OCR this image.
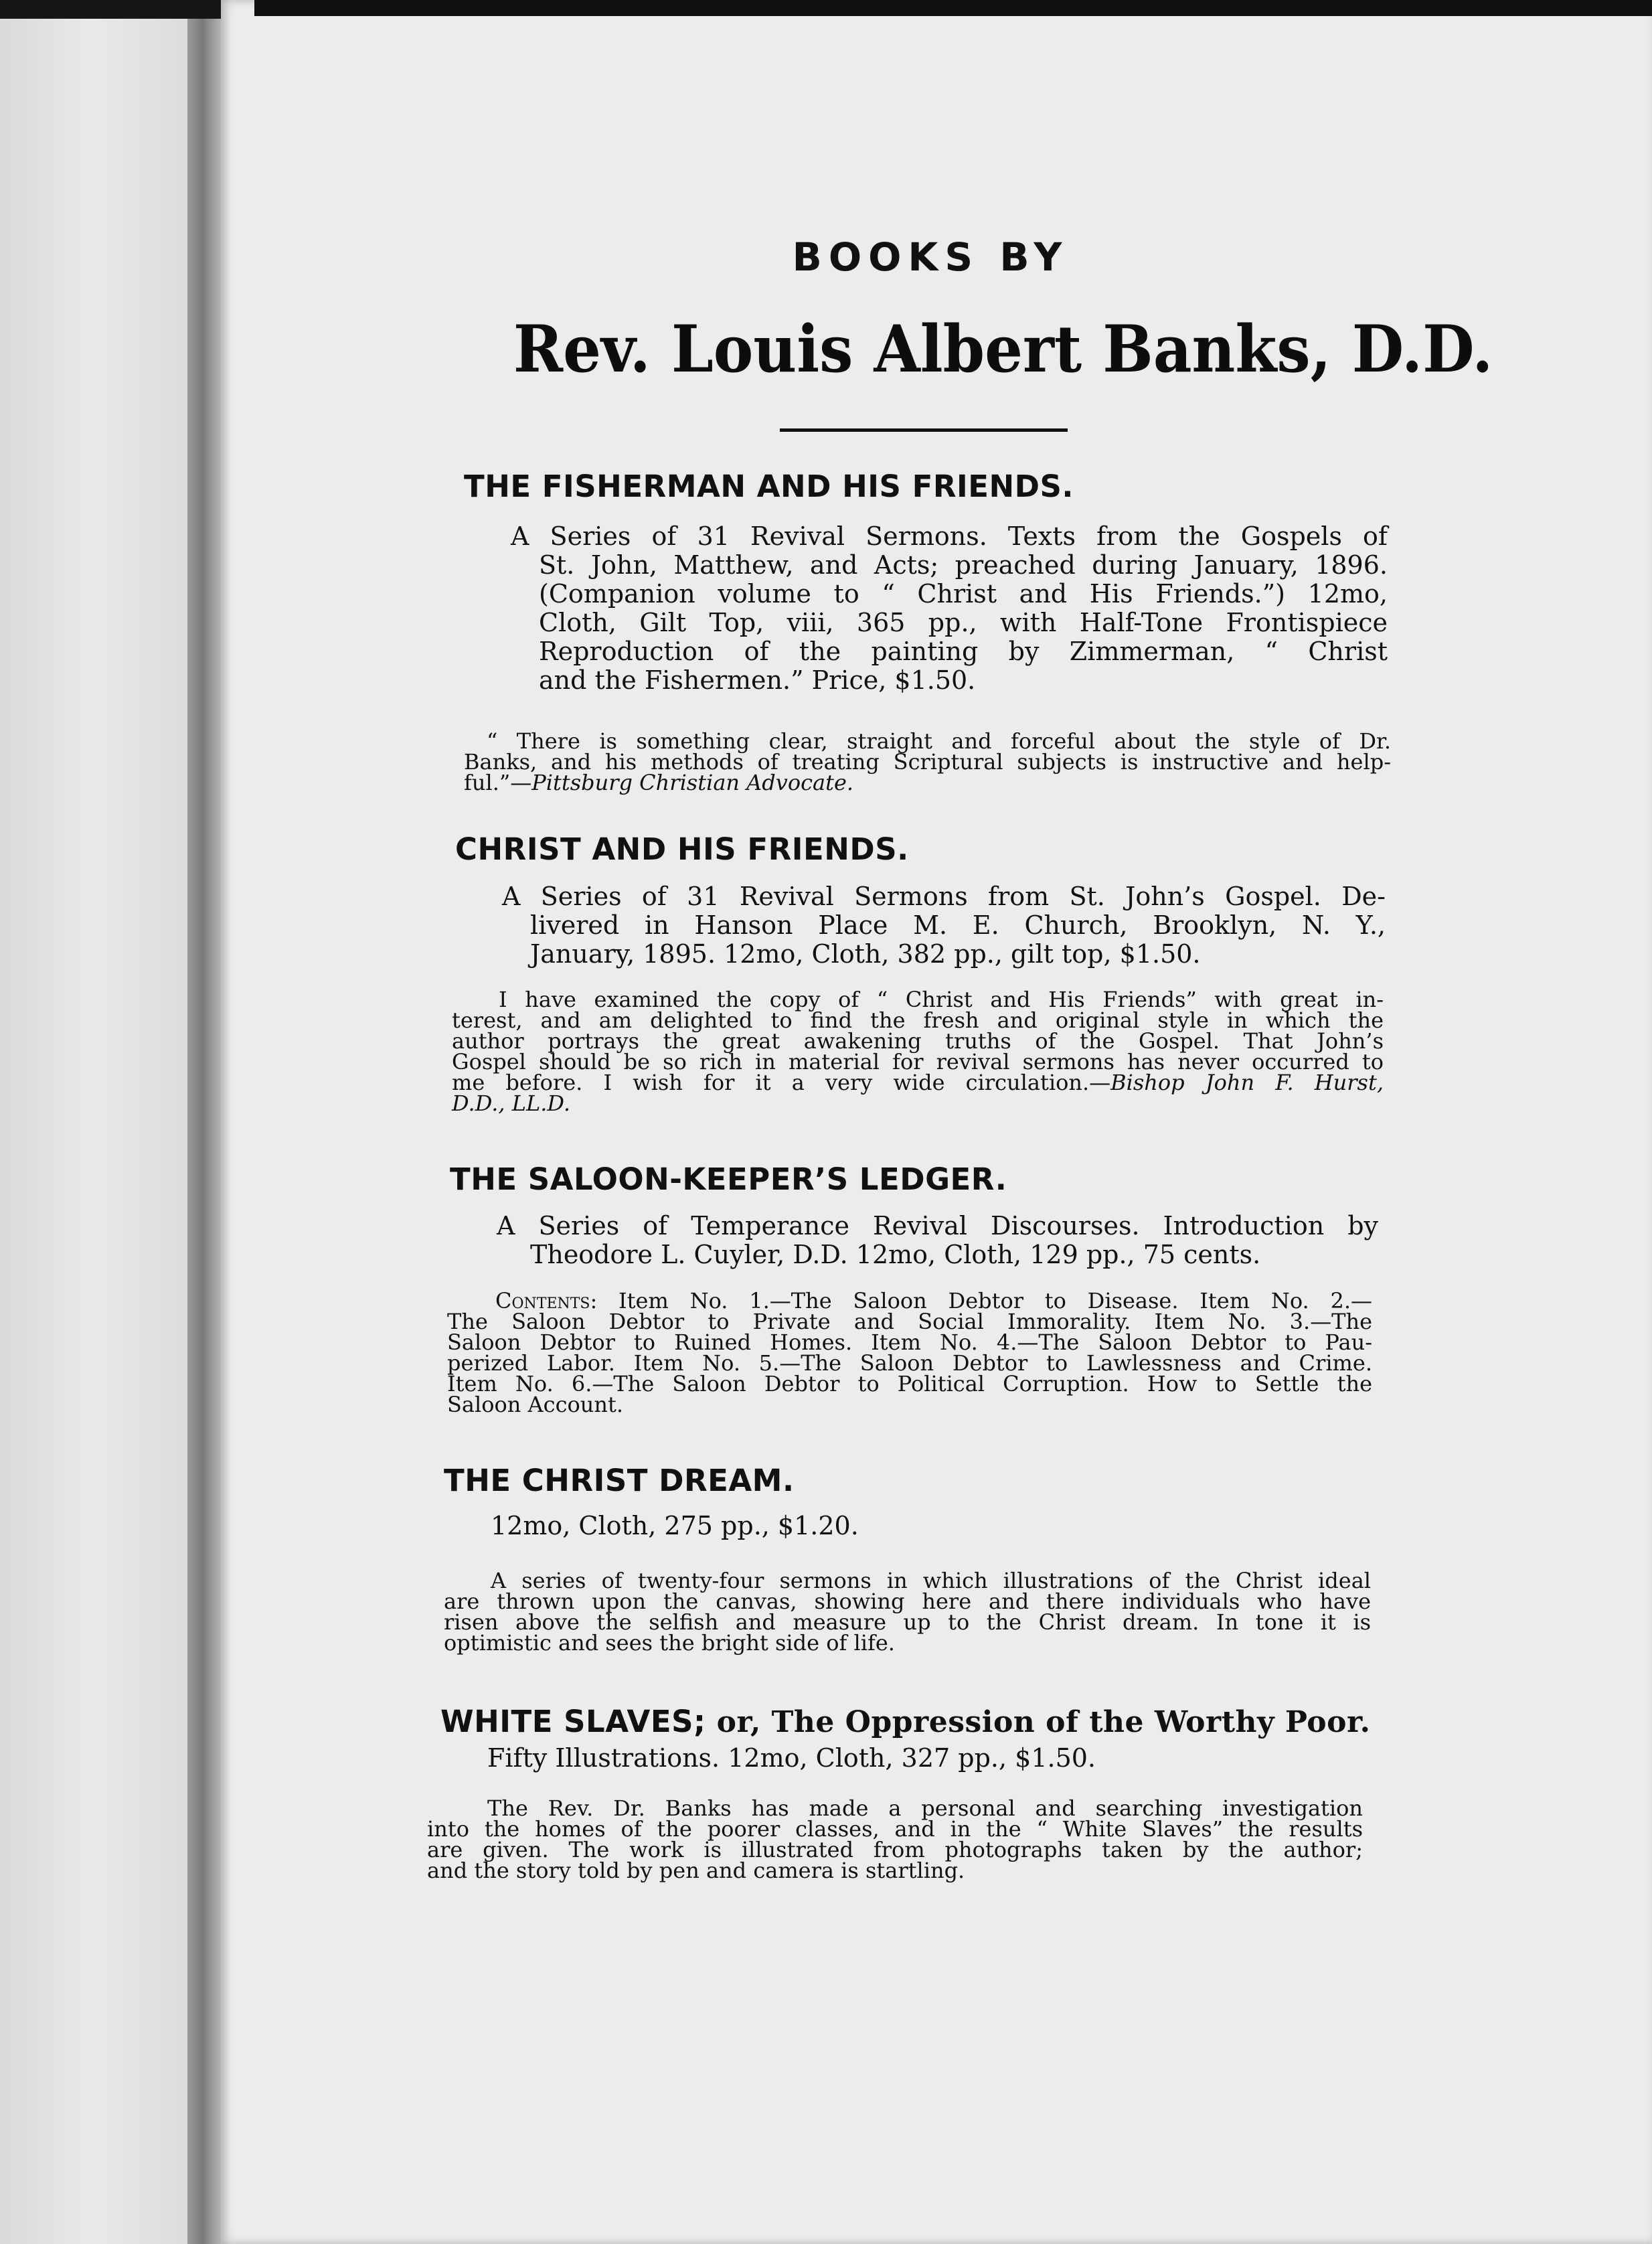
BOOKS BY
Rev. Louis Albert Banks, D.D.
THE FISHERMAN AND HIS FRIENDS.
A Series of 31 Revival Sermons. Texts from the Gospels of
St. John, Matthew, and Acts; preached during January, 1896.
(Companion volume to “ Christ and His Friends.”) 12mo,
Cloth, Gilt Top, viii, 365 pp., with Half-Tone Frontispiece
Reproduction of the painting by Zimmerman, “ Christ
and the Fishermen.” Price, $1.50.
“ There is something clear, straight and forceful about the style of Dr.
Banks, and his methods of treating Scriptural subjects is instructive and help-
ful.”—Pittsburg Christian Advocate.
CHRIST AND HIS FRIENDS.
A Series of 31 Revival Sermons from St. John’s Gospel. De-
livered in Hanson Place M. E. Church, Brooklyn, N. Y.,
January, 1895. 12mo, Cloth, 382 pp., gilt top, $1.50.
I have examined the copy of “ Christ and His Friends” with great in-
terest, and am delighted to find the fresh and original style in which the
author portrays the great awakening truths of the Gospel. That John’s
Gospel should be so rich in material for revival sermons has never occurred to
me before. I wish for it a very wide circulation.—Bishop John F. Hurst,
D.D., LL.D.
THE SALOON-KEEPER’S LEDGER.
A Series of Temperance Revival Discourses. Introduction by
Theodore L. Cuyler, D.D. 12mo, Cloth, 129 pp., 75 cents.
Contents: Item No. 1.—The Saloon Debtor to Disease. Item No. 2.—
The Saloon Debtor to Private and Social Immorality. Item No. 3.—The
Saloon Debtor to Ruined Homes. Item No. 4.—The Saloon Debtor to Pau-
perized Labor. Item No. 5.—The Saloon Debtor to Lawlessness and Crime.
Item No. 6.—The Saloon Debtor to Political Corruption. How to Settle the
Saloon Account.
THE CHRIST DREAM.
12mo, Cloth, 275 pp., $1.20.
A series of twenty-four sermons in which illustrations of the Christ ideal
are thrown upon the canvas, showing here and there individuals who have
risen above the selfish and measure up to the Christ dream. In tone it is
optimistic and sees the bright side of life.
WHITE SLAVES; or, The Oppression of the Worthy Poor.
Fifty Illustrations. 12mo, Cloth, 327 pp., $1.50.
The Rev. Dr. Banks has made a personal and searching investigation
into the homes of the poorer classes, and in the “ White Slaves” the results
are given. The work is illustrated from photographs taken by the author;
and the story told by pen and camera is startling.
